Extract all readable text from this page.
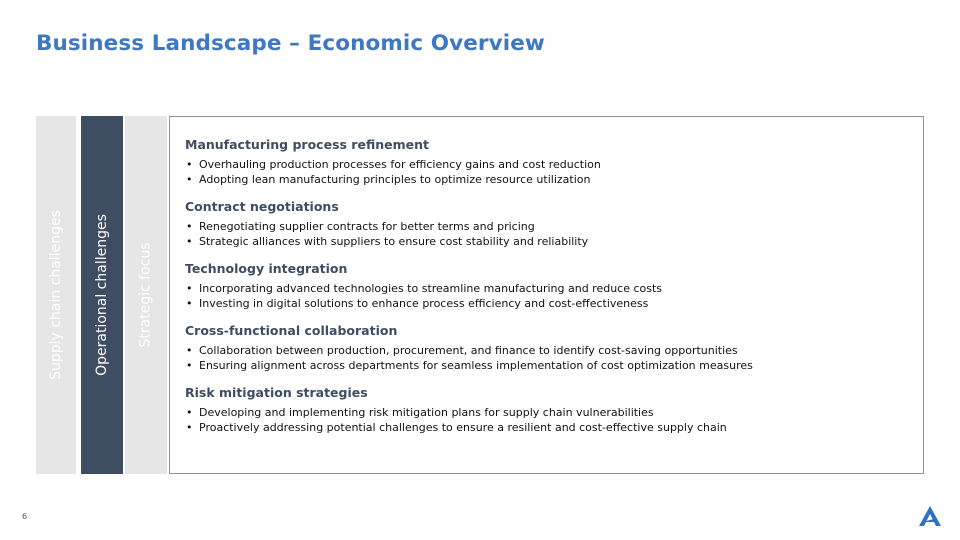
Business Landscape – Economic Overview
Supply chain challenges Operational challenges Strategic focus
Manufacturing process refinement
• Overhauling production processes for efficiency gains and cost reduction
• Adopting lean manufacturing principles to optimize resource utilization
Contract negotiations
• Renegotiating supplier contracts for better terms and pricing
• Strategic alliances with suppliers to ensure cost stability and reliability
Technology integration
• Incorporating advanced technologies to streamline manufacturing and reduce costs
• Investing in digital solutions to enhance process efficiency and cost-effectiveness
Cross-functional collaboration
• Collaboration between production, procurement, and finance to identify cost-saving opportunities
• Ensuring alignment across departments for seamless implementation of cost optimization measures
Risk mitigation strategies
• Developing and implementing risk mitigation plans for supply chain vulnerabilities
• Proactively addressing potential challenges to ensure a resilient and cost-effective supply chain
6
